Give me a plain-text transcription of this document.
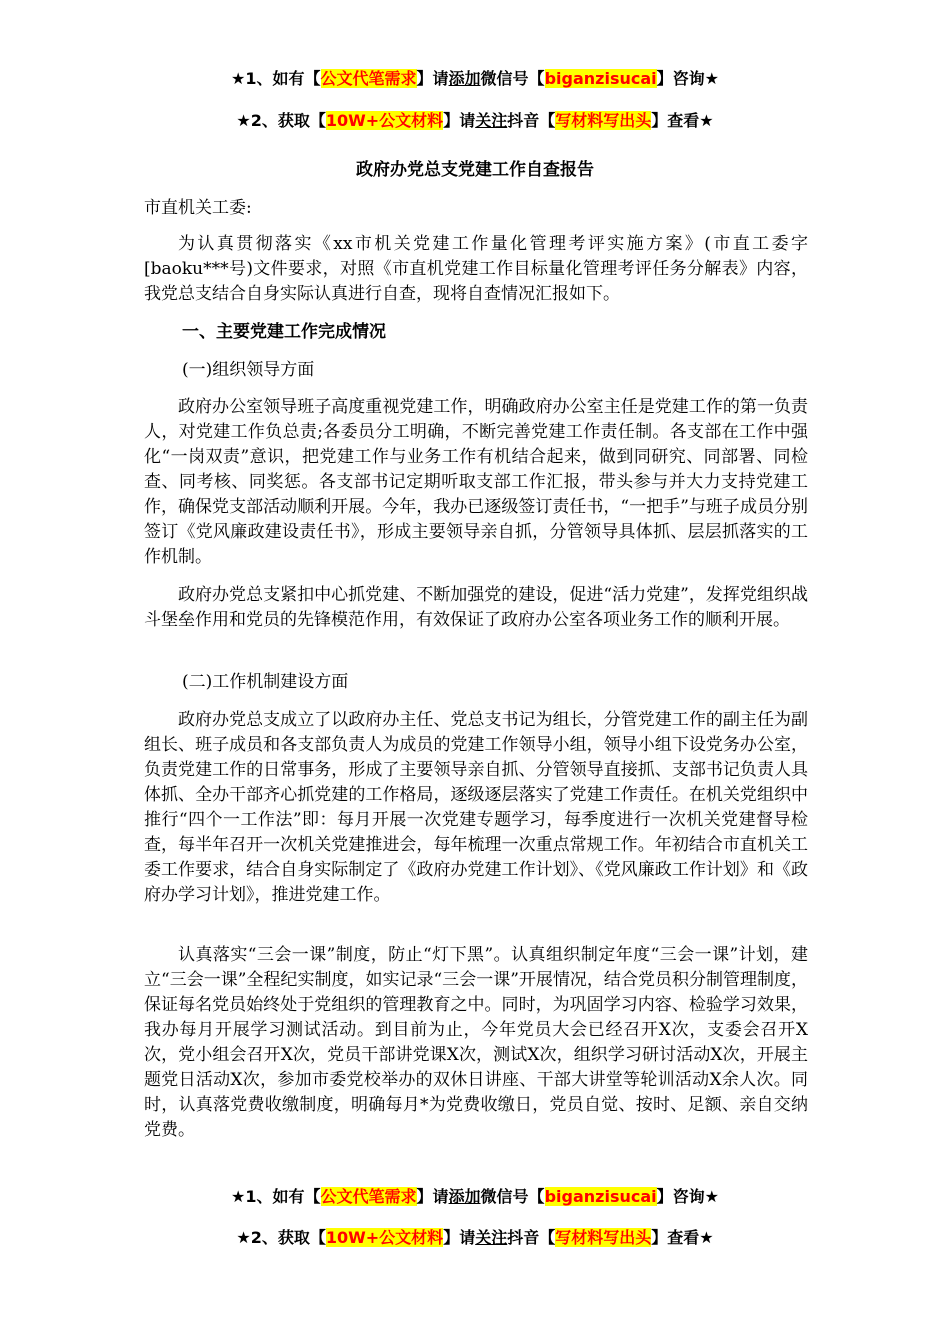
★1、如有【公文代笔需求】请添加微信号【biganzisucai】咨询★
★2、获取【10W+公文材料】请关注抖音【写材料写出头】查看★
政府办党总支党建工作自查报告
市直机关工委:

为认真贯彻落实《xx市机关党建工作量化管理考评实施方案》(市直工委字[baoku***号)文件要求，对照《市直机党建工作目标量化管理考评任务分解表》内容，我党总支结合自身实际认真进行自查，现将自查情况汇报如下。

一、主要党建工作完成情况
(一)组织领导方面

政府办公室领导班子高度重视党建工作，明确政府办公室主任是党建工作的第一负责人，对党建工作负总责;各委员分工明确，不断完善党建工作责任制。各支部在工作中强化“一岗双责”意识，把党建工作与业务工作有机结合起来，做到同研究、同部署、同检查、同考核、同奖惩。各支部书记定期听取支部工作汇报，带头参与并大力支持党建工作，确保党支部活动顺利开展。今年，我办已逐级签订责任书，“一把手”与班子成员分别签订《党风廉政建设责任书》，形成主要领导亲自抓，分管领导具体抓、层层抓落实的工作机制。

政府办党总支紧扣中心抓党建、不断加强党的建设，促进“活力党建”，发挥党组织战斗堡垒作用和党员的先锋模范作用，有效保证了政府办公室各项业务工作的顺利开展。

(二)工作机制建设方面

政府办党总支成立了以政府办主任、党总支书记为组长，分管党建工作的副主任为副组长、班子成员和各支部负责人为成员的党建工作领导小组，领导小组下设党务办公室，负责党建工作的日常事务，形成了主要领导亲自抓、分管领导直接抓、支部书记负责人具体抓、全办干部齐心抓党建的工作格局，逐级逐层落实了党建工作责任。在机关党组织中推行“四个一工作法”即：每月开展一次党建专题学习，每季度进行一次机关党建督导检查，每半年召开一次机关党建推进会，每年梳理一次重点常规工作。年初结合市直机关工委工作要求，结合自身实际制定了《政府办党建工作计划》、《党风廉政工作计划》和《政府办学习计划》，推进党建工作。

认真落实“三会一课”制度，防止“灯下黑”。认真组织制定年度“三会一课”计划，建立“三会一课”全程纪实制度，如实记录“三会一课”开展情况，结合党员积分制管理制度，保证每名党员始终处于党组织的管理教育之中。同时，为巩固学习内容、检验学习效果，我办每月开展学习测试活动。到目前为止，今年党员大会已经召开X次，支委会召开X次，党小组会召开X次，党员干部讲党课X次，测试X次，组织学习研讨活动X次，开展主题党日活动X次，参加市委党校举办的双休日讲座、干部大讲堂等轮训活动X余人次。同时，认真落党费收缴制度，明确每月*为党费收缴日，党员自觉、按时、足额、亲自交纳党费。

★1、如有【公文代笔需求】请添加微信号【biganzisucai】咨询★
★2、获取【10W+公文材料】请关注抖音【写材料写出头】查看★
